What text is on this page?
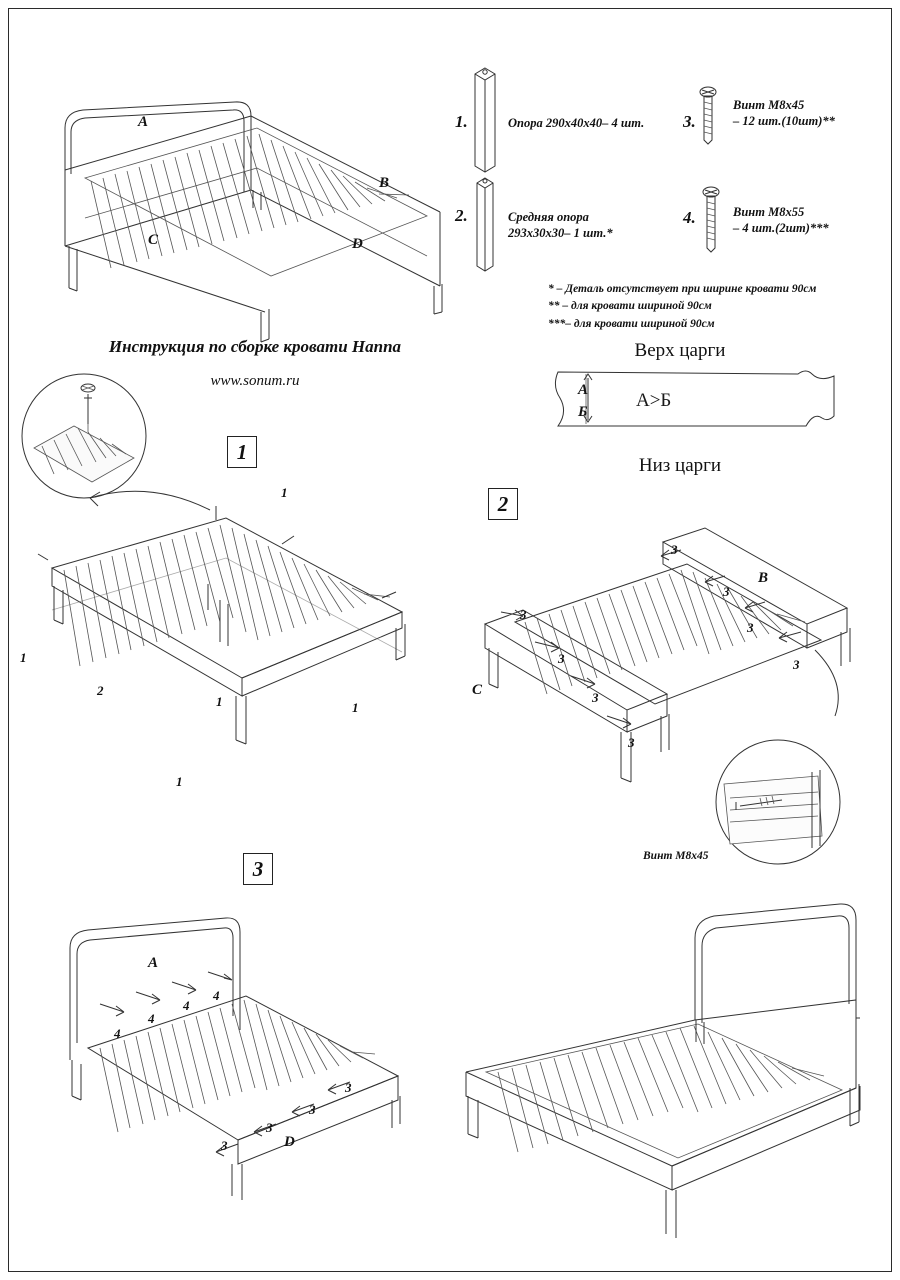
A
B
C	D
1.	Опора 290х40х40– 4 шт.
2.	Средняя опора
293х30х30– 1 шт.*
3.
Винт М8х45
– 12 шт.(10шт)**
4.	Винт М8х55
– 4 шт.(2шт)***
* – Деталь отсутствует при ширине кровати 90см
** – для кровати шириной 90см
***– для кровати шириной 90см
Инструкция по сборке кровати Наппа
www.sonum.ru
Верх царги
А
Б
А>Б
Низ царги
1
1
1
1
1
1
2
2
B
C
3
3
3
3
3
3
3
3
Винт М8х45
3
A
D
4
4
4
4
3
3
3
3
